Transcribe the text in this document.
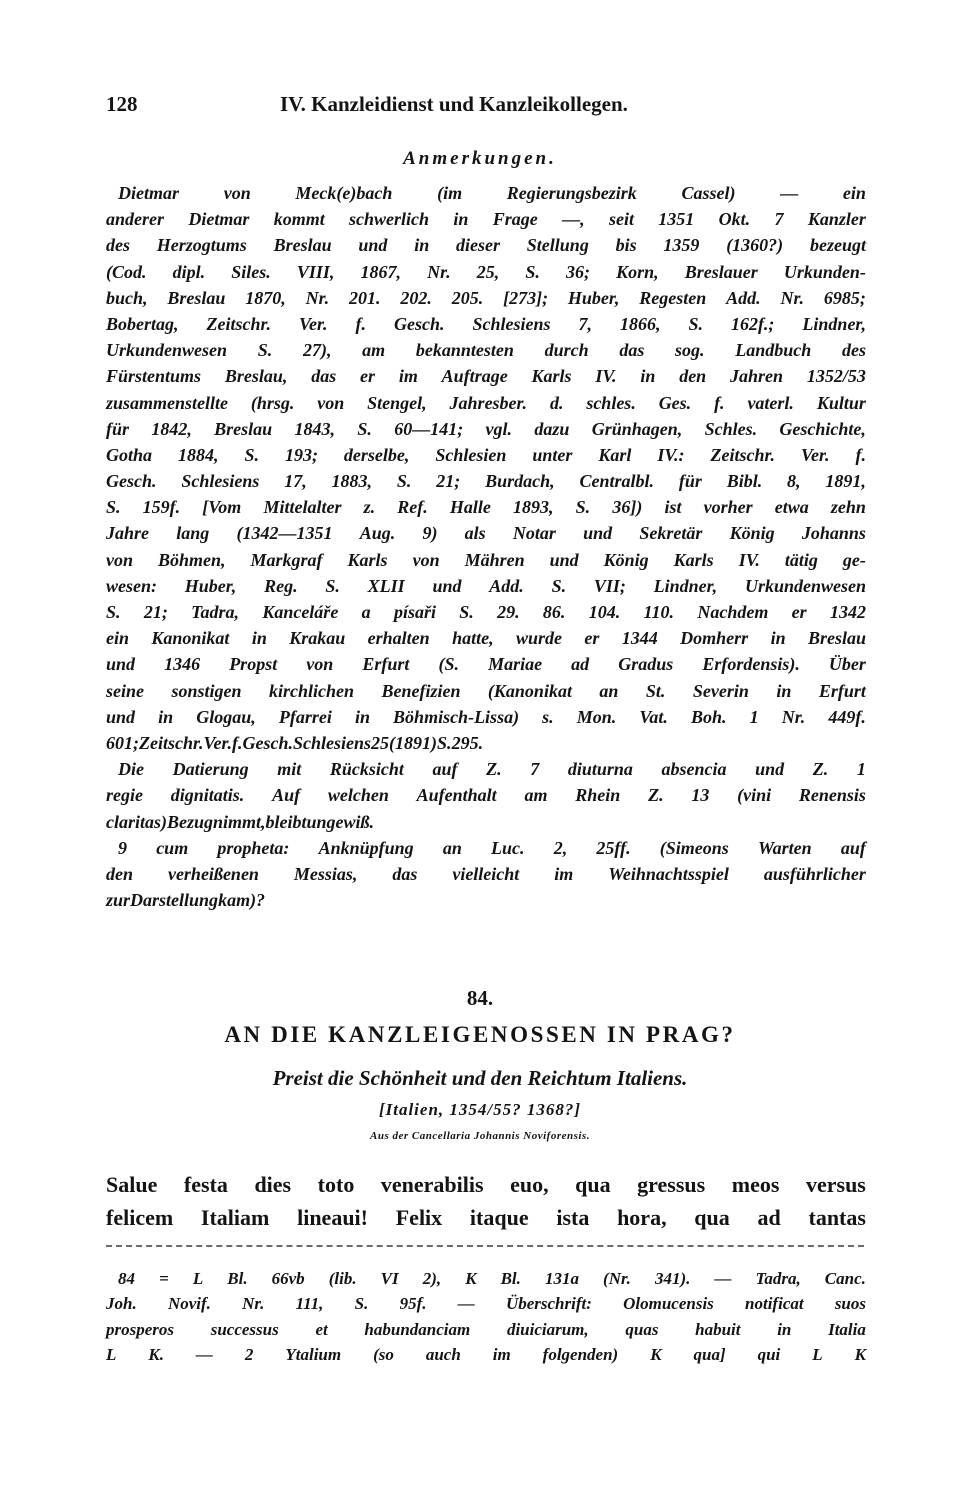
128	IV. Kanzleidienst und Kanzleikollegen.
Anmerkungen.
Dietmar von Meck(e)bach (im Regierungsbezirk Cassel) — ein
anderer Dietmar kommt schwerlich in Frage —, seit 1351 Okt. 7 Kanzler
des Herzogtums Breslau und in dieser Stellung bis 1359 (1360?) bezeugt
(Cod. dipl. Siles. VIII, 1867, Nr. 25, S. 36; Korn, Breslauer Urkunden-
buch, Breslau 1870, Nr. 201. 202. 205. [273]; Huber, Regesten Add. Nr. 6985;
Bobertag, Zeitschr. Ver. f. Gesch. Schlesiens 7, 1866, S. 162f.; Lindner,
Urkundenwesen S. 27), am bekanntesten durch das sog. Landbuch des
Fürstentums Breslau, das er im Auftrage Karls IV. in den Jahren 1352/53
zusammenstellte (hrsg. von Stengel, Jahresber. d. schles. Ges. f. vaterl. Kultur
für 1842, Breslau 1843, S. 60—141; vgl. dazu Grünhagen, Schles. Geschichte,
Gotha 1884, S. 193; derselbe, Schlesien unter Karl IV.: Zeitschr. Ver. f.
Gesch. Schlesiens 17, 1883, S. 21; Burdach, Centralbl. für Bibl. 8, 1891,
S. 159f. [Vom Mittelalter z. Ref. Halle 1893, S. 36]) ist vorher etwa zehn
Jahre lang (1342—1351 Aug. 9) als Notar und Sekretär König Johanns
von Böhmen, Markgraf Karls von Mähren und König Karls IV. tätig ge-
wesen: Huber, Reg. S. XLII und Add. S. VII; Lindner, Urkundenwesen
S. 21; Tadra, Kanceláře a písaři S. 29. 86. 104. 110. Nachdem er 1342
ein Kanonikat in Krakau erhalten hatte, wurde er 1344 Domherr in Breslau
und 1346 Propst von Erfurt (S. Mariae ad Gradus Erfordensis). Über
seine sonstigen kirchlichen Benefizien (Kanonikat an St. Severin in Erfurt
und in Glogau, Pfarrei in Böhmisch-Lissa) s. Mon. Vat. Boh. 1 Nr. 449f.
601; Zeitschr. Ver. f. Gesch. Schlesiens 25 (1891) S. 295.
Die Datierung mit Rücksicht auf Z. 7 diuturna absencia und Z. 1
regie dignitatis. Auf welchen Aufenthalt am Rhein Z. 13 (vini Renensis
claritas) Bezug nimmt, bleibt ungewiß.
9 cum propheta: Anknüpfung an Luc. 2, 25ff. (Simeons Warten auf
den verheißenen Messias, das vielleicht im Weihnachtsspiel ausführlicher
zur Darstellung kam)?
84.
AN DIE KANZLEIGENOSSEN IN PRAG?
Preist die Schönheit und den Reichtum Italiens.
[Italien, 1354/55? 1368?]
Aus der Cancellaria Johannis Noviforensis.
Salue festa dies toto venerabilis euo, qua gressus meos versus
felicem Italiam lineaui! Felix itaque ista hora, qua ad tantas
84 = L Bl. 66vb (lib. VI 2), K Bl. 131a (Nr. 341). — Tadra, Canc.
Joh. Novif. Nr. 111, S. 95f. — Überschrift: Olomucensis notificat suos
prosperos successus et habundanciam diuiciarum, quas habuit in Italia
L K. — 2 Ytalium (so auch im folgenden) K qua] qui L K
